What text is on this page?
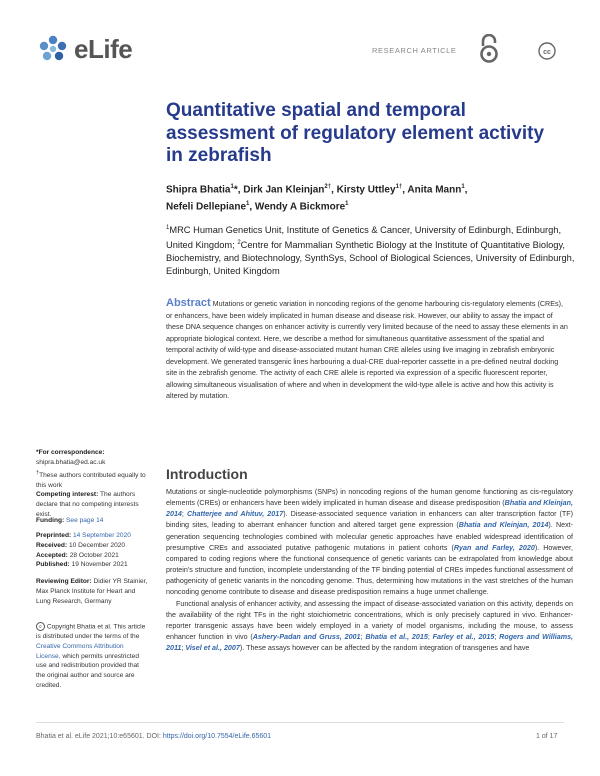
eLife	RESEARCH ARTICLE	cc
Quantitative spatial and temporal assessment of regulatory element activity in zebrafish
Shipra Bhatia$^1$*, Dirk Jan Kleinjan$^{2\dagger}$, Kirsty Uttley$^{1\dagger}$, Anita Mann$^1$,
Nefeli Dellepiane$^1$, Wendy A Bickmore$^1$
$^1$MRC Human Genetics Unit, Institute of Genetics & Cancer, University of Edinburgh, Edinburgh, United Kingdom; $^2$Centre for Mammalian Synthetic Biology at the Institute of Quantitative Biology, Biochemistry, and Biotechnology, SynthSys, School of Biological Sciences, University of Edinburgh, Edinburgh, United Kingdom
Abstract Mutations or genetic variation in noncoding regions of the genome harbouring cis-regulatory elements (CREs), or enhancers, have been widely implicated in human disease and disease risk. However, our ability to assay the impact of these DNA sequence changes on enhancer activity is currently very limited because of the need to assay these elements in an appropriate biological context. Here, we describe a method for simultaneous quantitative assessment of the spatial and temporal activity of wild-type and disease-associated mutant human CRE alleles using live imaging in zebrafish embryonic development. We generated transgenic lines harbouring a dual-CRE dual-reporter cassette in a pre-defined neutral docking site in the zebrafish genome. The activity of each CRE allele is reported via expression of a specific fluorescent reporter, allowing simultaneous visualisation of where and when in development the wild-type allele is active and how this activity is altered by mutation.
*For correspondence:
shipra.bhatia@ed.ac.uk
†These authors contributed equally to this work
Competing interest: The authors declare that no competing interests exist.
Funding: See page 14
Preprinted: 14 September 2020
Received: 10 December 2020
Accepted: 28 October 2021
Published: 19 November 2021
Reviewing Editor: Didier YR Stainier, Max Planck Institute for Heart and Lung Research, Germany
© Copyright Bhatia et al. This article is distributed under the terms of the Creative Commons Attribution License, which permits unrestricted use and redistribution provided that the original author and source are credited.
Introduction

Mutations or single-nucleotide polymorphisms (SNPs) in noncoding regions of the human genome functioning as cis-regulatory elements (CREs) or enhancers have been widely implicated in human disease and disease predisposition (Bhatia and Kleinjan, 2014; Chatterjee and Ahituv, 2017). Disease-associated sequence variation in enhancers can alter transcription factor (TF) binding sites, leading to aberrant enhancer function and altered target gene expression (Bhatia and Kleinjan, 2014). Next-generation sequencing technologies combined with molecular genetic approaches have enabled widespread identification of presumptive CREs and associated putative pathogenic mutations in patient cohorts (Ryan and Farley, 2020). However, compared to coding regions where the functional consequence of genetic variants can be extrapolated from knowledge about protein's structure and function, incomplete understanding of the TF binding potential of CREs impedes functional assessment of pathogenicity of genetic variants in the noncoding genome. Thus, determining how mutations in the vast stretches of the human noncoding genome contribute to disease and disease predisposition remains a huge unmet challenge.

Functional analysis of enhancer activity, and assessing the impact of disease-associated variation on this activity, depends on the availability of the right TFs in the right stoichiometric concentrations, which is only precisely captured in vivo. Enhancer-reporter transgenic assays have been widely employed in a variety of model organisms, including the mouse, to assess enhancer function in vivo (Ashery-Padan and Gruss, 2001; Bhatia et al., 2015; Farley et al., 2015; Rogers and Williams, 2011; Visel et al., 2007). These assays however can be affected by the random integration of transgenes and have

Bhatia et al. eLife 2021;10:e65601. DOI: https://doi.org/10.7554/eLife.65601	1 of 17
